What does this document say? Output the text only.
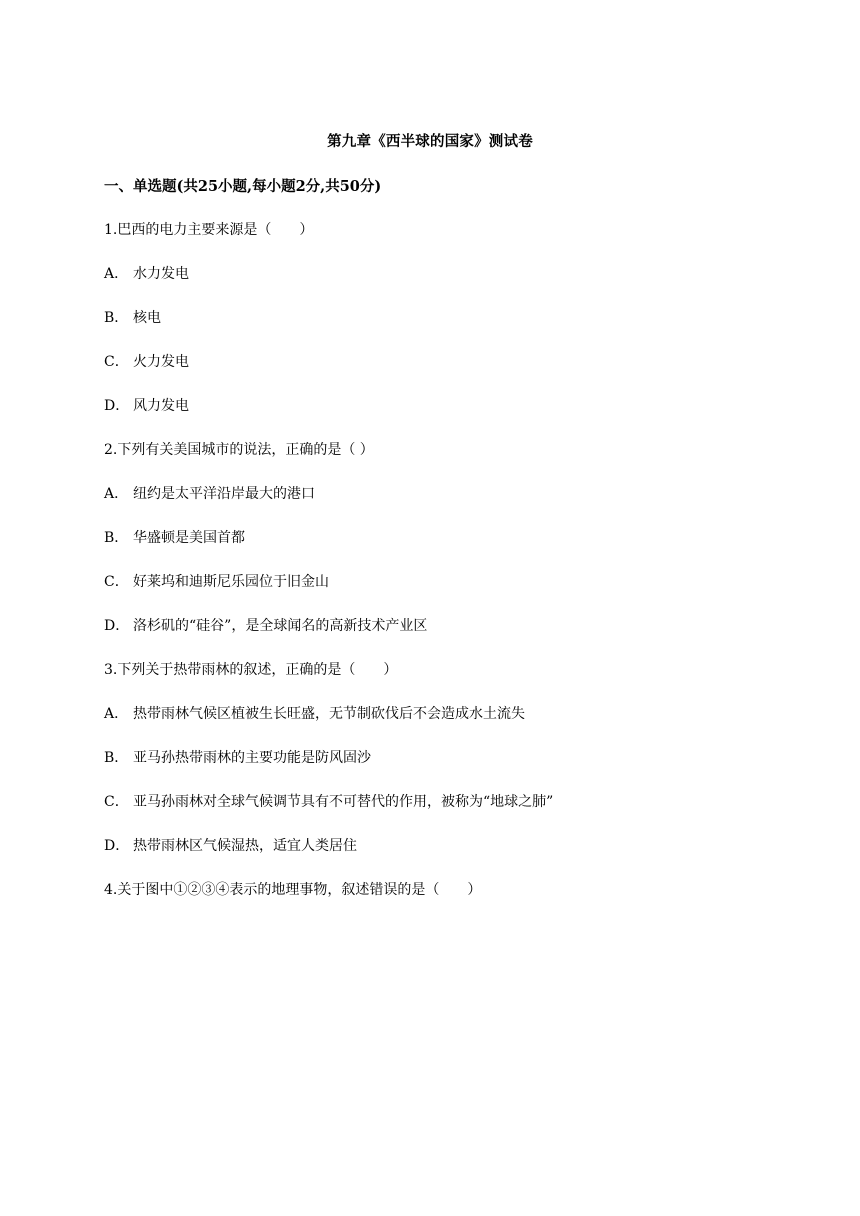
第九章《西半球的国家》测试卷
一、单选题(共25小题,每小题2分,共50分)
1.巴西的电力主要来源是（　　）
A． 水力发电
B． 核电
C． 火力发电
D． 风力发电
2.下列有关美国城市的说法，正确的是（ ）
A． 纽约是太平洋沿岸最大的港口
B． 华盛顿是美国首都
C． 好莱坞和迪斯尼乐园位于旧金山
D． 洛杉矶的“硅谷”，是全球闻名的高新技术产业区
3.下列关于热带雨林的叙述，正确的是（　　）
A． 热带雨林气候区植被生长旺盛，无节制砍伐后不会造成水土流失
B． 亚马孙热带雨林的主要功能是防风固沙
C． 亚马孙雨林对全球气候调节具有不可替代的作用，被称为“地球之肺”
D． 热带雨林区气候湿热，适宜人类居住
4.关于图中①②③④表示的地理事物，叙述错误的是（　　）
